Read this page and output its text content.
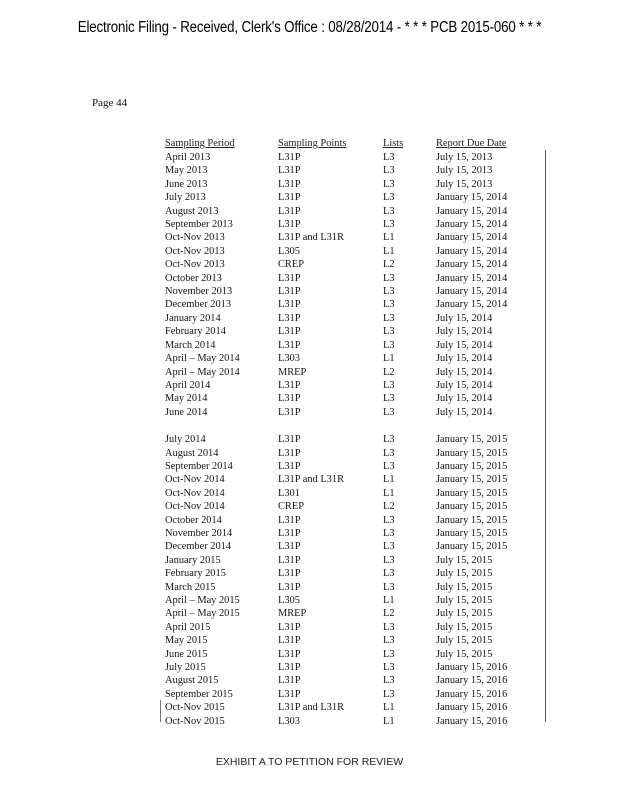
Electronic Filing - Received, Clerk's Office : 08/28/2014 - * * * PCB 2015-060 * * *
Page 44
Sampling Period	Sampling Points	Lists	Report Due Date
April 2013	L31P	L3	July 15, 2013
May 2013	L31P	L3	July 15, 2013
June 2013	L31P	L3	July 15, 2013
July 2013	L31P	L3	January 15, 2014
August 2013	L31P	L3	January 15, 2014
September 2013	L31P	L3	January 15, 2014
Oct-Nov 2013	L31P and L31R	L1	January 15, 2014
Oct-Nov 2013	L305	L1	January 15, 2014
Oct-Nov 2013	CREP	L2	January 15, 2014
October 2013	L31P	L3	January 15, 2014
November 2013	L31P	L3	January 15, 2014
December 2013	L31P	L3	January 15, 2014
January 2014	L31P	L3	July 15, 2014
February 2014	L31P	L3	July 15, 2014
March 2014	L31P	L3	July 15, 2014
April – May 2014	L303	L1	July 15, 2014
April – May 2014	MREP	L2	July 15, 2014
April 2014	L31P	L3	July 15, 2014
May 2014	L31P	L3	July 15, 2014
June 2014	L31P	L3	July 15, 2014
July 2014	L31P	L3	January 15, 2015
August 2014	L31P	L3	January 15, 2015
September 2014	L31P	L3	January 15, 2015
Oct-Nov 2014	L31P and L31R	L1	January 15, 2015
Oct-Nov 2014	L301	L1	January 15, 2015
Oct-Nov 2014	CREP	L2	January 15, 2015
October 2014	L31P	L3	January 15, 2015
November 2014	L31P	L3	January 15, 2015
December 2014	L31P	L3	January 15, 2015
January 2015	L31P	L3	July 15, 2015
February 2015	L31P	L3	July 15, 2015
March 2015	L31P	L3	July 15, 2015
April – May 2015	L305	L1	July 15, 2015
April – May 2015	MREP	L2	July 15, 2015
April 2015	L31P	L3	July 15, 2015
May 2015	L31P	L3	July 15, 2015
June 2015	L31P	L3	July 15, 2015
July 2015	L31P	L3	January 15, 2016
August 2015	L31P	L3	January 15, 2016
September 2015	L31P	L3	January 15, 2016
Oct-Nov 2015	L31P and L31R	L1	January 15, 2016
Oct-Nov 2015	L303	L1	January 15, 2016
EXHIBIT A TO PETITION FOR REVIEW
